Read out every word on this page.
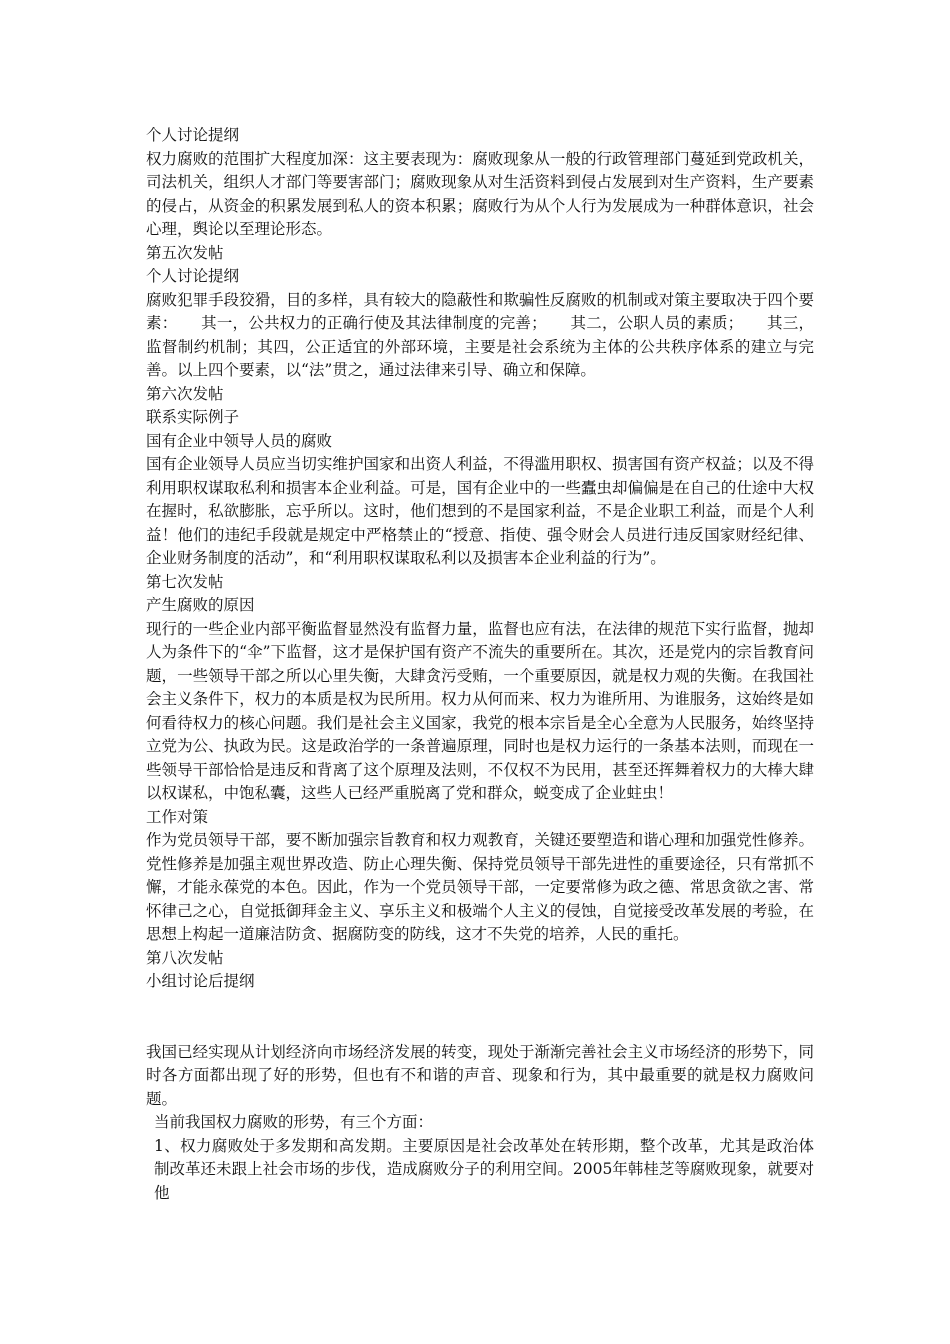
个人讨论提纲
权力腐败的范围扩大程度加深：这主要表现为：腐败现象从一般的行政管理部门蔓延到党政机关，司法机关，组织人才部门等要害部门；腐败现象从对生活资料到侵占发展到对生产资料，生产要素的侵占，从资金的积累发展到私人的资本积累；腐败行为从个人行为发展成为一种群体意识，社会心理，舆论以至理论形态。
第五次发帖
个人讨论提纲
腐败犯罪手段狡猾，目的多样，具有较大的隐蔽性和欺骗性反腐败的机制或对策主要取决于四个要素：　　其一，公共权力的正确行使及其法律制度的完善；　　其二，公职人员的素质；　　其三，监督制约机制；其四，公正适宜的外部环境，主要是社会系统为主体的公共秩序体系的建立与完善。以上四个要素，以“法”贯之，通过法律来引导、确立和保障。
第六次发帖
联系实际例子
国有企业中领导人员的腐败
国有企业领导人员应当切实维护国家和出资人利益，不得滥用职权、损害国有资产权益；以及不得利用职权谋取私利和损害本企业利益。可是，国有企业中的一些蠹虫却偏偏是在自己的仕途中大权在握时，私欲膨胀，忘乎所以。这时，他们想到的不是国家利益，不是企业职工利益，而是个人利益！他们的违纪手段就是规定中严格禁止的“授意、指使、强令财会人员进行违反国家财经纪律、企业财务制度的活动”，和“利用职权谋取私利以及损害本企业利益的行为”。
第七次发帖
产生腐败的原因
现行的一些企业内部平衡监督显然没有监督力量，监督也应有法，在法律的规范下实行监督，抛却人为条件下的“伞”下监督，这才是保护国有资产不流失的重要所在。其次，还是党内的宗旨教育问题，一些领导干部之所以心里失衡，大肆贪污受贿，一个重要原因，就是权力观的失衡。在我国社会主义条件下，权力的本质是权为民所用。权力从何而来、权力为谁所用、为谁服务，这始终是如何看待权力的核心问题。我们是社会主义国家，我党的根本宗旨是全心全意为人民服务，始终坚持立党为公、执政为民。这是政治学的一条普遍原理，同时也是权力运行的一条基本法则，而现在一些领导干部恰恰是违反和背离了这个原理及法则，不仅权不为民用，甚至还挥舞着权力的大棒大肆以权谋私，中饱私囊，这些人已经严重脱离了党和群众，蜕变成了企业蛀虫！
工作对策
作为党员领导干部，要不断加强宗旨教育和权力观教育，关键还要塑造和谐心理和加强党性修养。党性修养是加强主观世界改造、防止心理失衡、保持党员领导干部先进性的重要途径，只有常抓不懈，才能永葆党的本色。因此，作为一个党员领导干部，一定要常修为政之德、常思贪欲之害、常怀律己之心，自觉抵御拜金主义、享乐主义和极端个人主义的侵蚀，自觉接受改革发展的考验，在思想上构起一道廉洁防贪、据腐防变的防线，这才不失党的培养，人民的重托。
第八次发帖
小组讨论后提纲
我国已经实现从计划经济向市场经济发展的转变，现处于渐渐完善社会主义市场经济的形势下，同时各方面都出现了好的形势，但也有不和谐的声音、现象和行为，其中最重要的就是权力腐败问题。
当前我国权力腐败的形势，有三个方面：
1、权力腐败处于多发期和高发期。主要原因是社会改革处在转形期，整个改革，尤其是政治体制改革还未跟上社会市场的步伐，造成腐败分子的利用空间。2005年韩桂芝等腐败现象，就要对他
